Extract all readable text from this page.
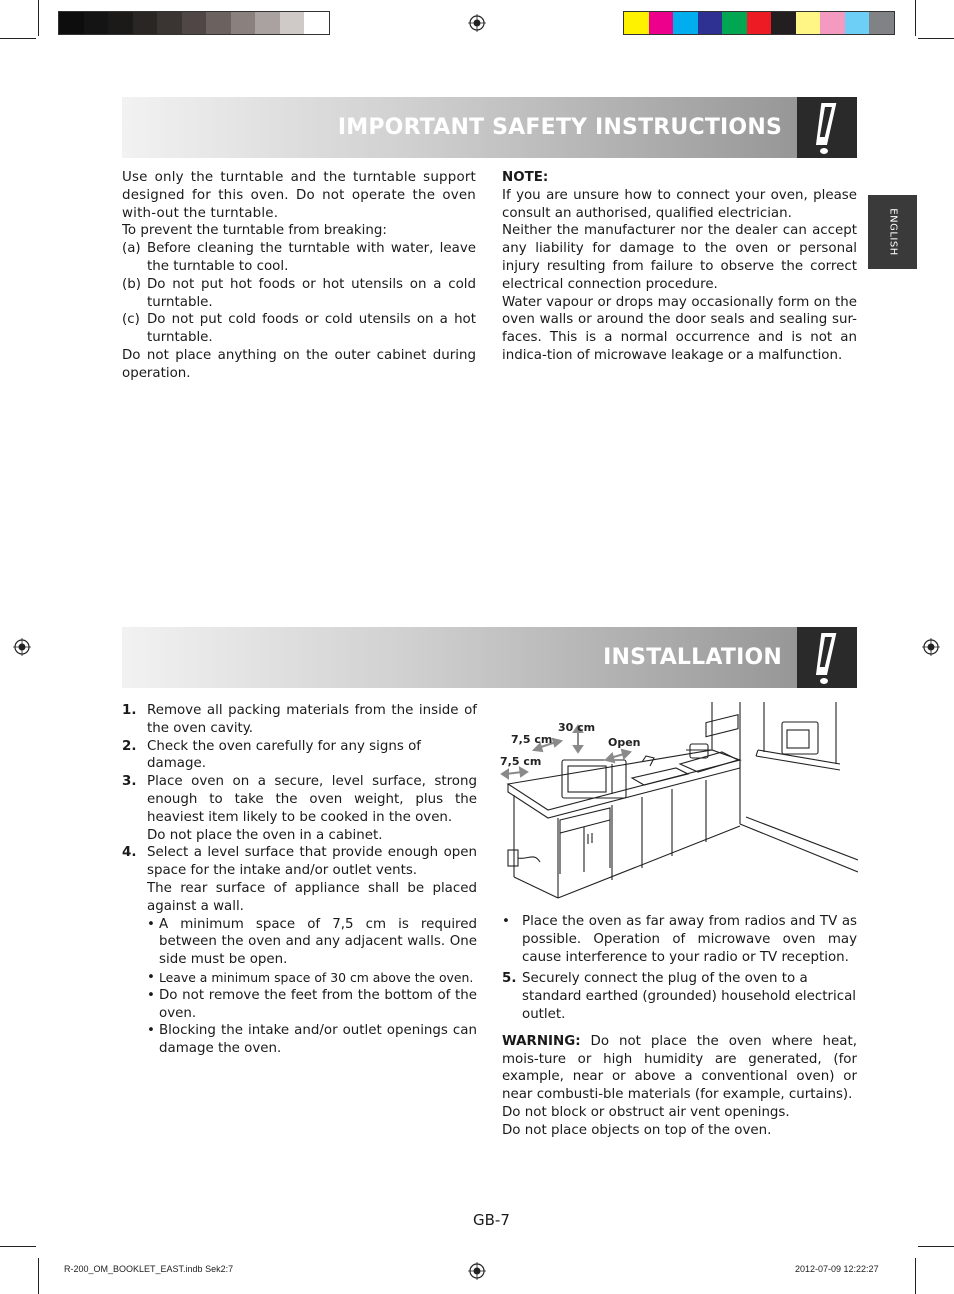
IMPORTANT SAFETY INSTRUCTIONS
ENGLISH

Use only the turntable and the turntable support designed for this oven. Do not operate the oven with-out the turntable.

To prevent the turntable from breaking:

(a) Before cleaning the turntable with water, leave the turntable to cool.
(b) Do not put hot foods or hot utensils on a cold turntable.
(c) Do not put cold foods or cold utensils on a hot turntable.

Do not place anything on the outer cabinet during operation.

NOTE:

If you are unsure how to connect your oven, please consult an authorised, qualified electrician.

Neither the manufacturer nor the dealer can accept any liability for damage to the oven or personal injury resulting from failure to observe the correct electrical connection procedure.

Water vapour or drops may occasionally form on the oven walls or around the door seals and sealing sur-faces. This is a normal occurrence and is not an indica-tion of microwave leakage or a malfunction.

INSTALLATION
1. Remove all packing materials from the inside of the oven cavity.
2. Check the oven carefully for any signs of damage.
3. Place oven on a secure, level surface, strong enough to take the oven weight, plus the heaviest item likely to be cooked in the oven.
Do not place the oven in a cabinet.
4. Select a level surface that provide enough open space for the intake and/or outlet vents.
The rear surface of appliance shall be placed against a wall.
• A minimum space of 7,5 cm is required between the oven and any adjacent walls. One side must be open.
• Leave a minimum space of 30 cm above the oven.
• Do not remove the feet from the bottom of the oven.
• Blocking the intake and/or outlet openings can damage the oven.
30 cm
7,5 cm
7,5 cm
Open
• Place the oven as far away from radios and TV as possible. Operation of microwave oven may cause interference to your radio or TV reception.
5. Securely connect the plug of the oven to a standard earthed (grounded) household electrical outlet.

WARNING: Do not place the oven where heat, mois-ture or high humidity are generated, (for example, near or above a conventional oven) or near combusti-ble materials (for example, curtains).

Do not block or obstruct air vent openings.

Do not place objects on top of the oven.

GB-7
R-200_OM_BOOKLET_EAST.indb Sek2:7	2012-07-09 12:22:27
